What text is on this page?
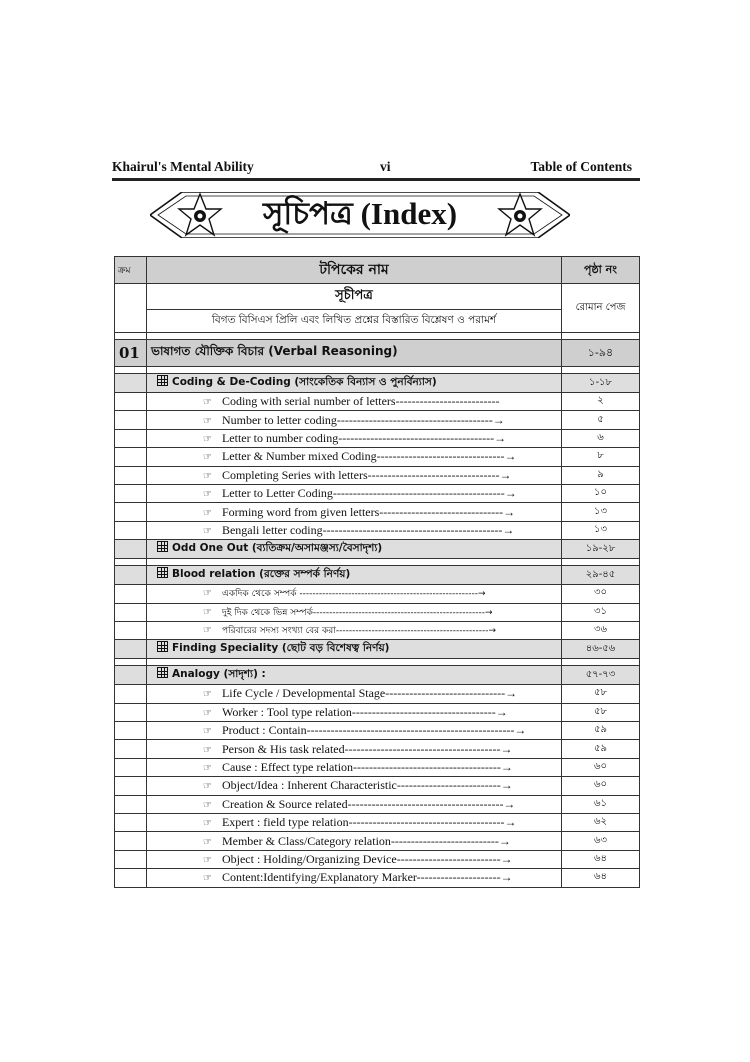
Khairul's Mental Ability	vi	Table of Contents
সূচিপত্র (Index)
ক্রম	টপিকের নাম	পৃষ্ঠা নং
	সূচীপত্র	রোমান পেজ
	বিগত বিসিএস প্রিলি এবং লিখিত প্রশ্নের বিস্তারিত বিশ্লেষণ ও পরামর্শ	

01	ভাষাগত যৌক্তিক বিচার (Verbal Reasoning)	১-৯৪

	Coding & De-Coding (সাংকেতিক বিন্যাস ও পুনর্বিন্যাস)	১-১৮
	☞ Coding with serial number of letters--------------------------	২
	☞ Number to letter coding---------------------------------------→	৫
	☞ Letter to number coding---------------------------------------→	৬
	☞ Letter & Number mixed Coding--------------------------------→	৮
	☞ Completing Series with letters---------------------------------→	৯
	☞ Letter to Letter Coding-------------------------------------------→	১০
	☞ Forming word from given letters-------------------------------→	১৩
	☞ Bengali letter coding---------------------------------------------→	১৩
	Odd One Out (ব্যতিক্রম/অসামঞ্জস্য/বৈসাদৃশ্য)	১৯-২৮

	Blood relation (রক্তের সম্পর্ক নির্ণয়)	২৯-৪৫
	☞ একদিক থেকে সম্পর্ক -------------------------------------------------------→	৩০
	☞ দুই দিক থেকে ভিন্ন সম্পর্ক-----------------------------------------------------→	৩১
	☞ পরিবারের সদস্য সংখ্যা বের করা-----------------------------------------------→	৩৬
	Finding Speciality (ছোট বড় বিশেষত্ব নির্ণয়)	৪৬-৫৬

	Analogy (সাদৃশ্য) :	৫৭-৭৩
	☞ Life Cycle / Developmental Stage------------------------------→	৫৮
	☞ Worker : Tool type relation------------------------------------→	৫৮
	☞ Product : Contain----------------------------------------------------→	৫৯
	☞ Person & His task related---------------------------------------→	৫৯
	☞ Cause : Effect type relation-------------------------------------→	৬০
	☞ Object/Idea : Inherent Characteristic--------------------------→	৬০
	☞ Creation & Source related---------------------------------------→	৬১
	☞ Expert : field type relation---------------------------------------→	৬২
	☞ Member & Class/Category relation---------------------------→	৬৩
	☞ Object : Holding/Organizing Device--------------------------→	৬৪
	☞ Content:Identifying/Explanatory Marker---------------------→	৬৪
